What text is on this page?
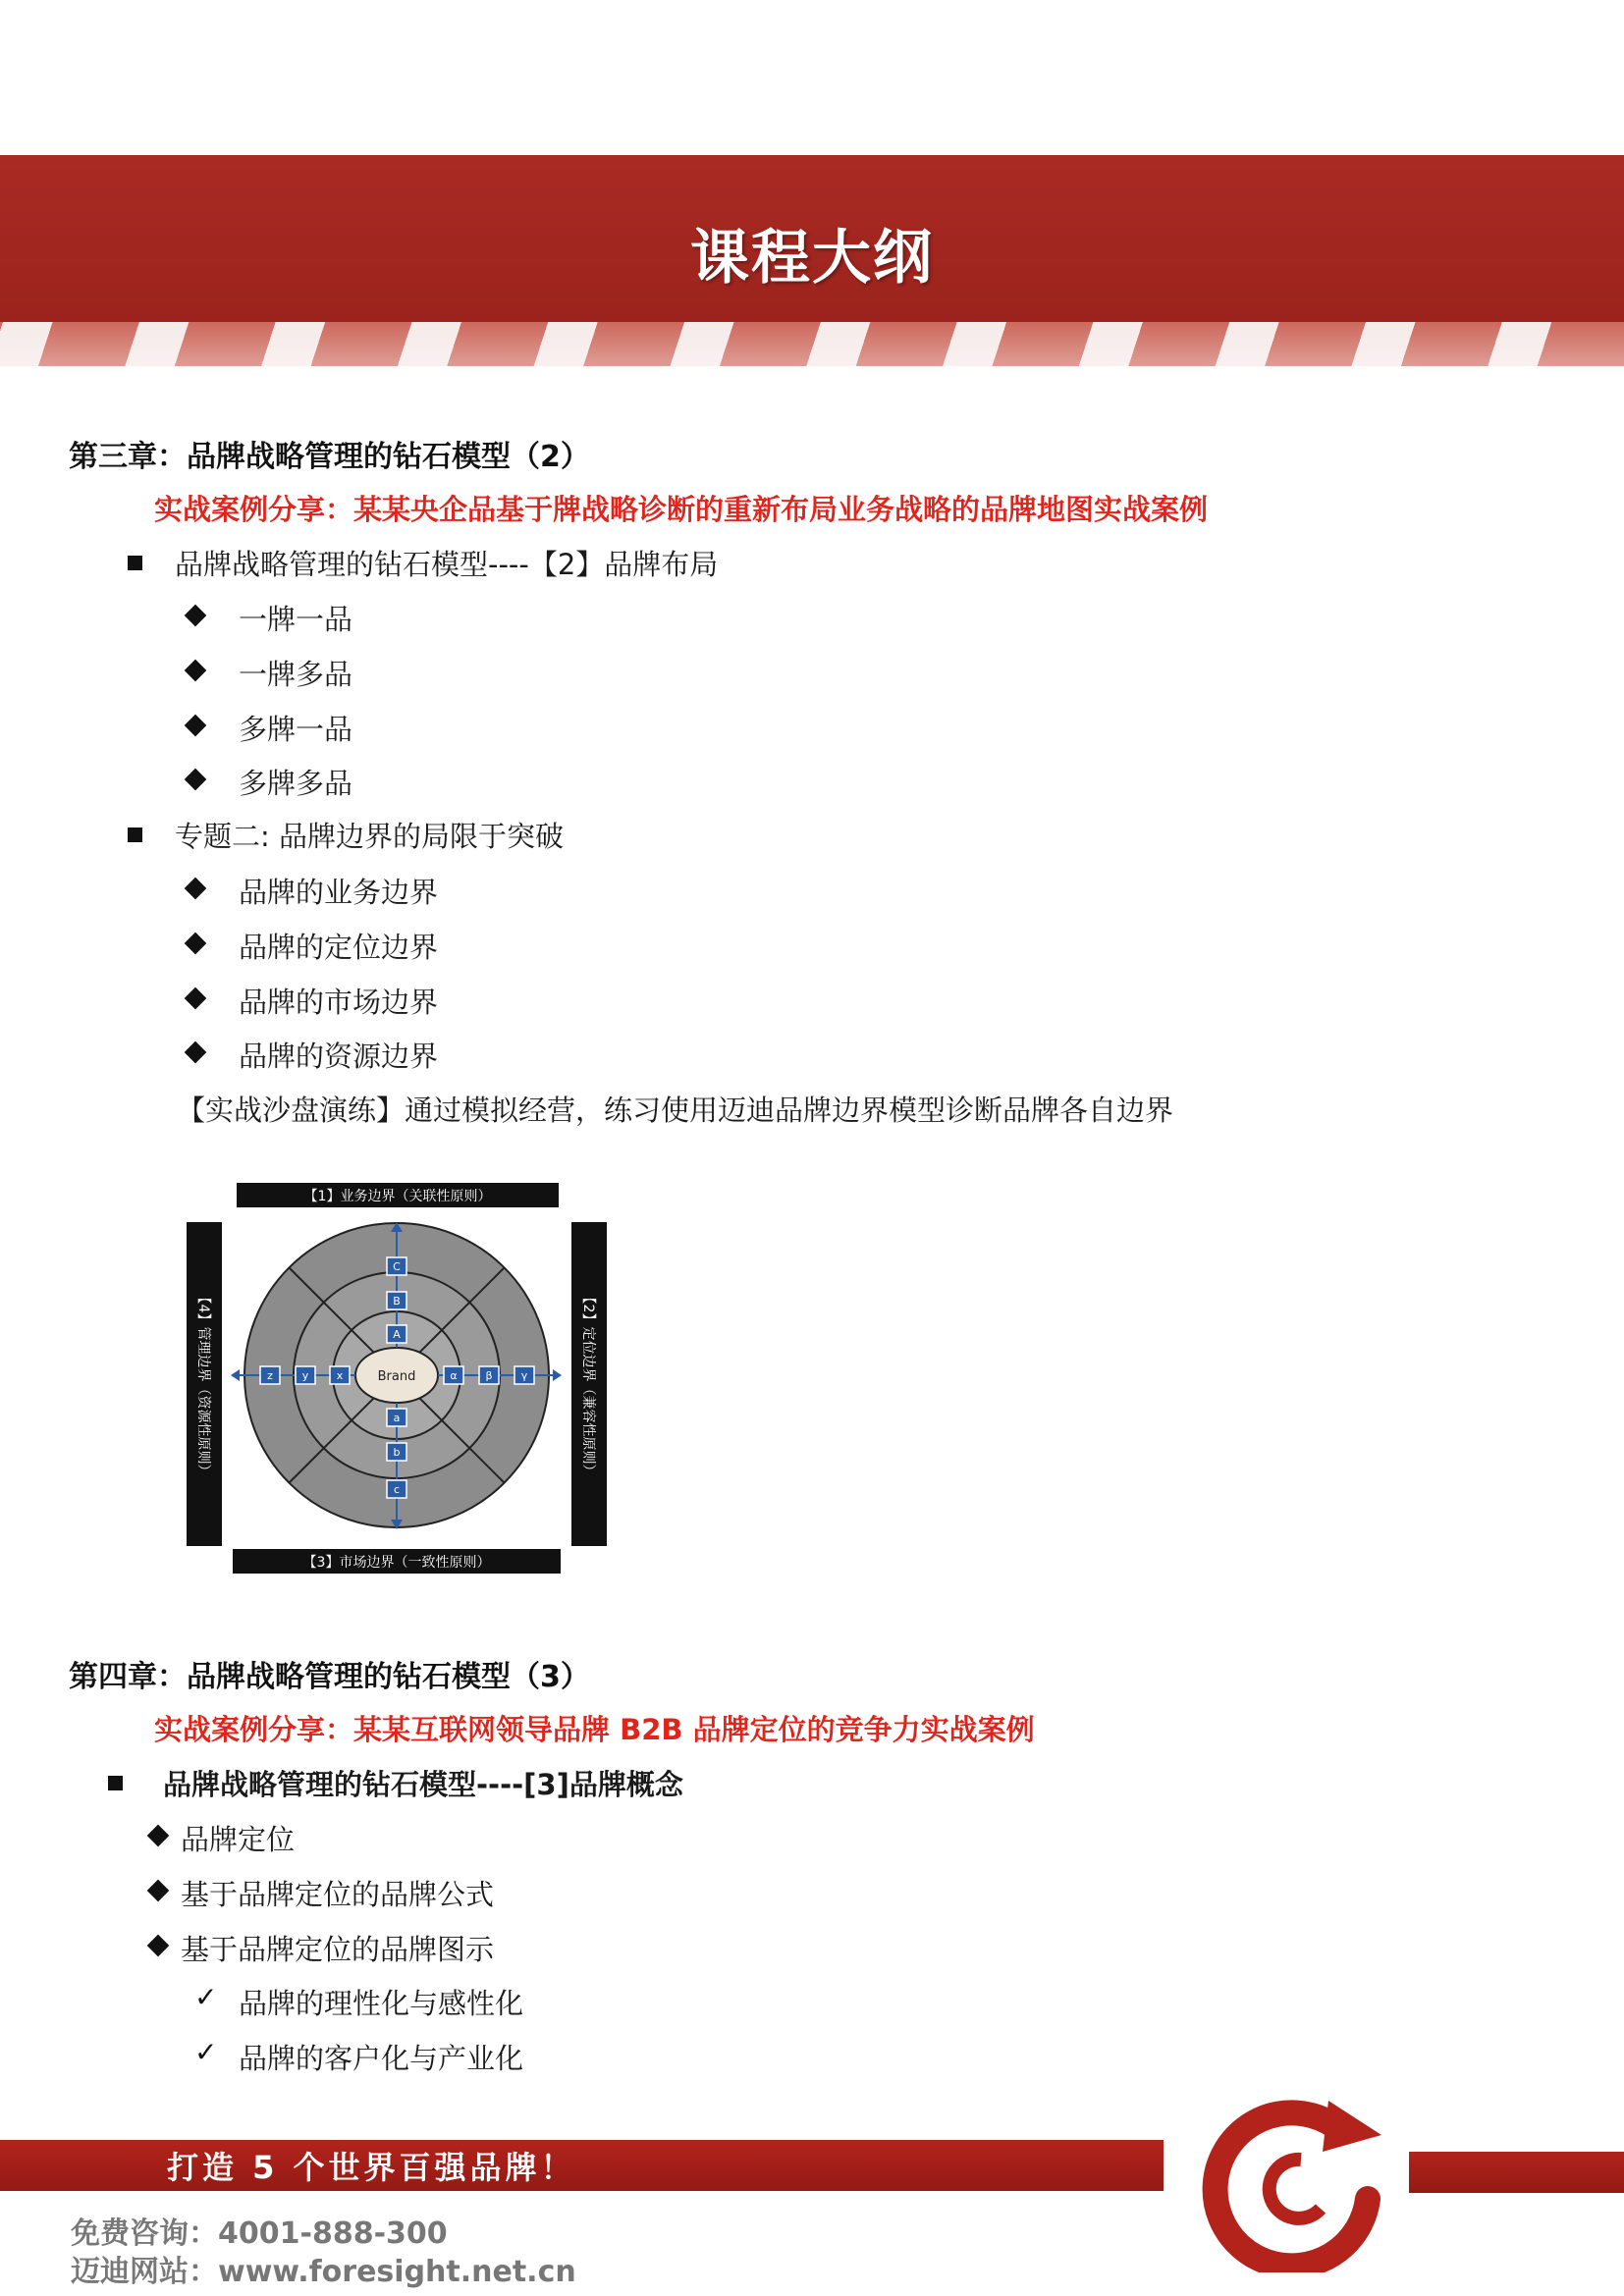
课程大纲
第三章：品牌战略管理的钻石模型（2）
实战案例分享：某某央企品基于牌战略诊断的重新布局业务战略的品牌地图实战案例
品牌战略管理的钻石模型----【2】品牌布局
一牌一品
一牌多品
多牌一品
多牌多品
专题二: 品牌边界的局限于突破
品牌的业务边界
品牌的定位边界
品牌的市场边界
品牌的资源边界
【实战沙盘演练】通过模拟经营，练习使用迈迪品牌边界模型诊断品牌各自边界
【1】业务边界（关联性原则）
【3】市场边界（一致性原则）
【4】管理边界（资源性原则）	【2】定位边界（兼容性原则）
Brand
A
B
C
a
b
c
α	β	γ
x
y
z
第四章：品牌战略管理的钻石模型（3）
实战案例分享：某某互联网领导品牌 B2B 品牌定位的竞争力实战案例
品牌战略管理的钻石模型----[3]品牌概念
品牌定位
基于品牌定位的品牌公式
基于品牌定位的品牌图示
✓ 品牌的理性化与感性化
✓ 品牌的客户化与产业化
打造 5 个世界百强品牌！
免费咨询：4001-888-300
迈迪网站：www.foresight.net.cn
